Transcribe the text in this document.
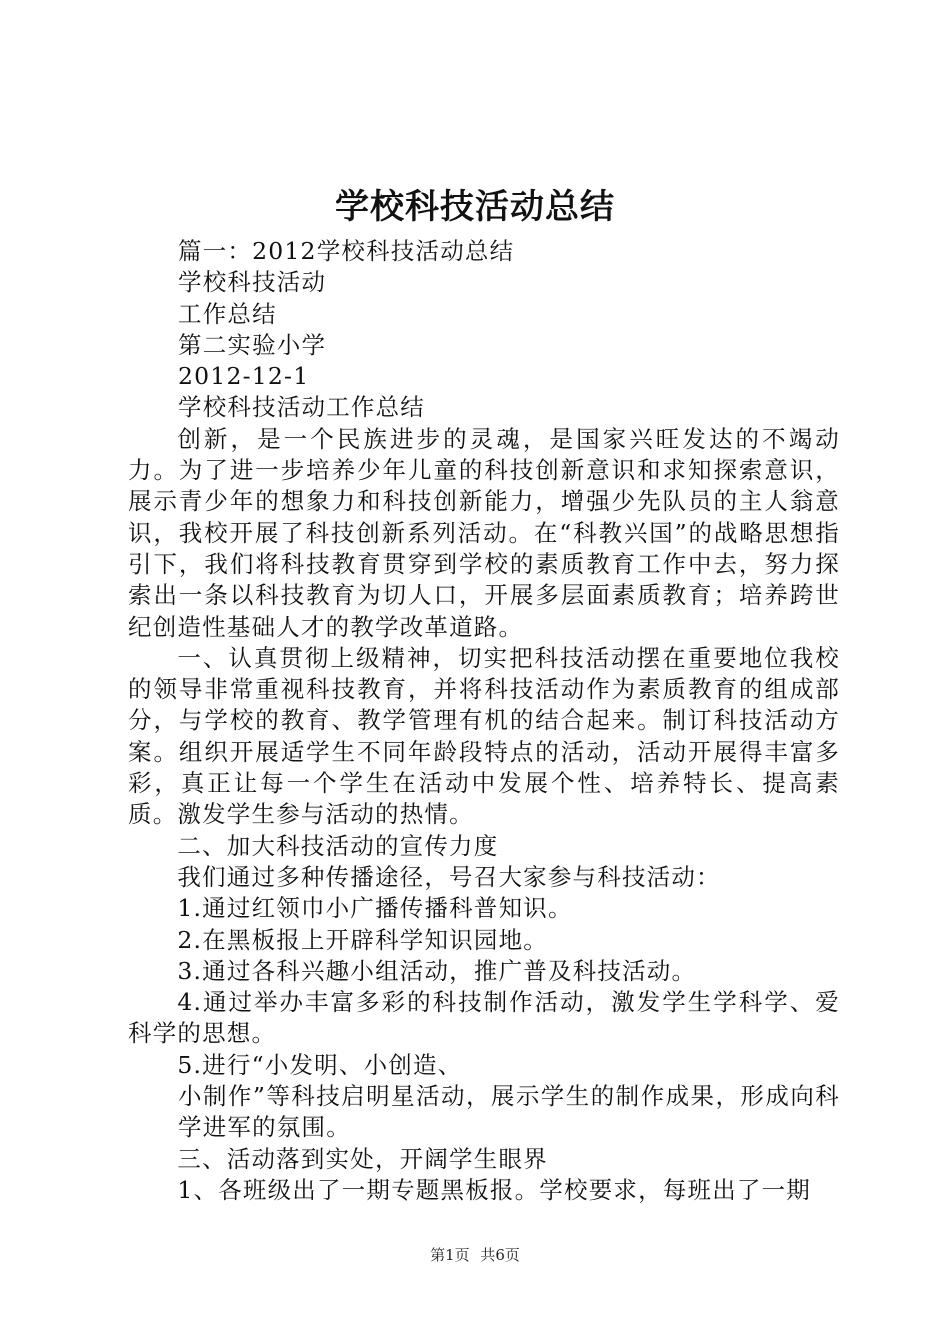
学校科技活动总结

篇一：2012学校科技活动总结

学校科技活动

工作总结

第二实验小学

2012-12-1

学校科技活动工作总结

创新，是一个民族进步的灵魂，是国家兴旺发达的不竭动力。为了进一步培养少年儿童的科技创新意识和求知探索意识，展示青少年的想象力和科技创新能力，增强少先队员的主人翁意识，我校开展了科技创新系列活动。在“科教兴国”的战略思想指引下，我们将科技教育贯穿到学校的素质教育工作中去，努力探索出一条以科技教育为切人口，开展多层面素质教育；培养跨世纪创造性基础人才的教学改革道路。

一、认真贯彻上级精神，切实把科技活动摆在重要地位我校的领导非常重视科技教育，并将科技活动作为素质教育的组成部分，与学校的教育、教学管理有机的结合起来。制订科技活动方案。组织开展适学生不同年龄段特点的活动，活动开展得丰富多彩，真正让每一个学生在活动中发展个性、培养特长、提高素质。激发学生参与活动的热情。

二、加大科技活动的宣传力度

我们通过多种传播途径，号召大家参与科技活动：

1.通过红领巾小广播传播科普知识。

2.在黑板报上开辟科学知识园地。

3.通过各科兴趣小组活动，推广普及科技活动。

4.通过举办丰富多彩的科技制作活动，激发学生学科学、爱科学的思想。

5.进行“小发明、小创造、

小制作”等科技启明星活动，展示学生的制作成果，形成向科学进军的氛围。

三、活动落到实处，开阔学生眼界

1、各班级出了一期专题黑板报。学校要求，每班出了一期

第1页 共6页
